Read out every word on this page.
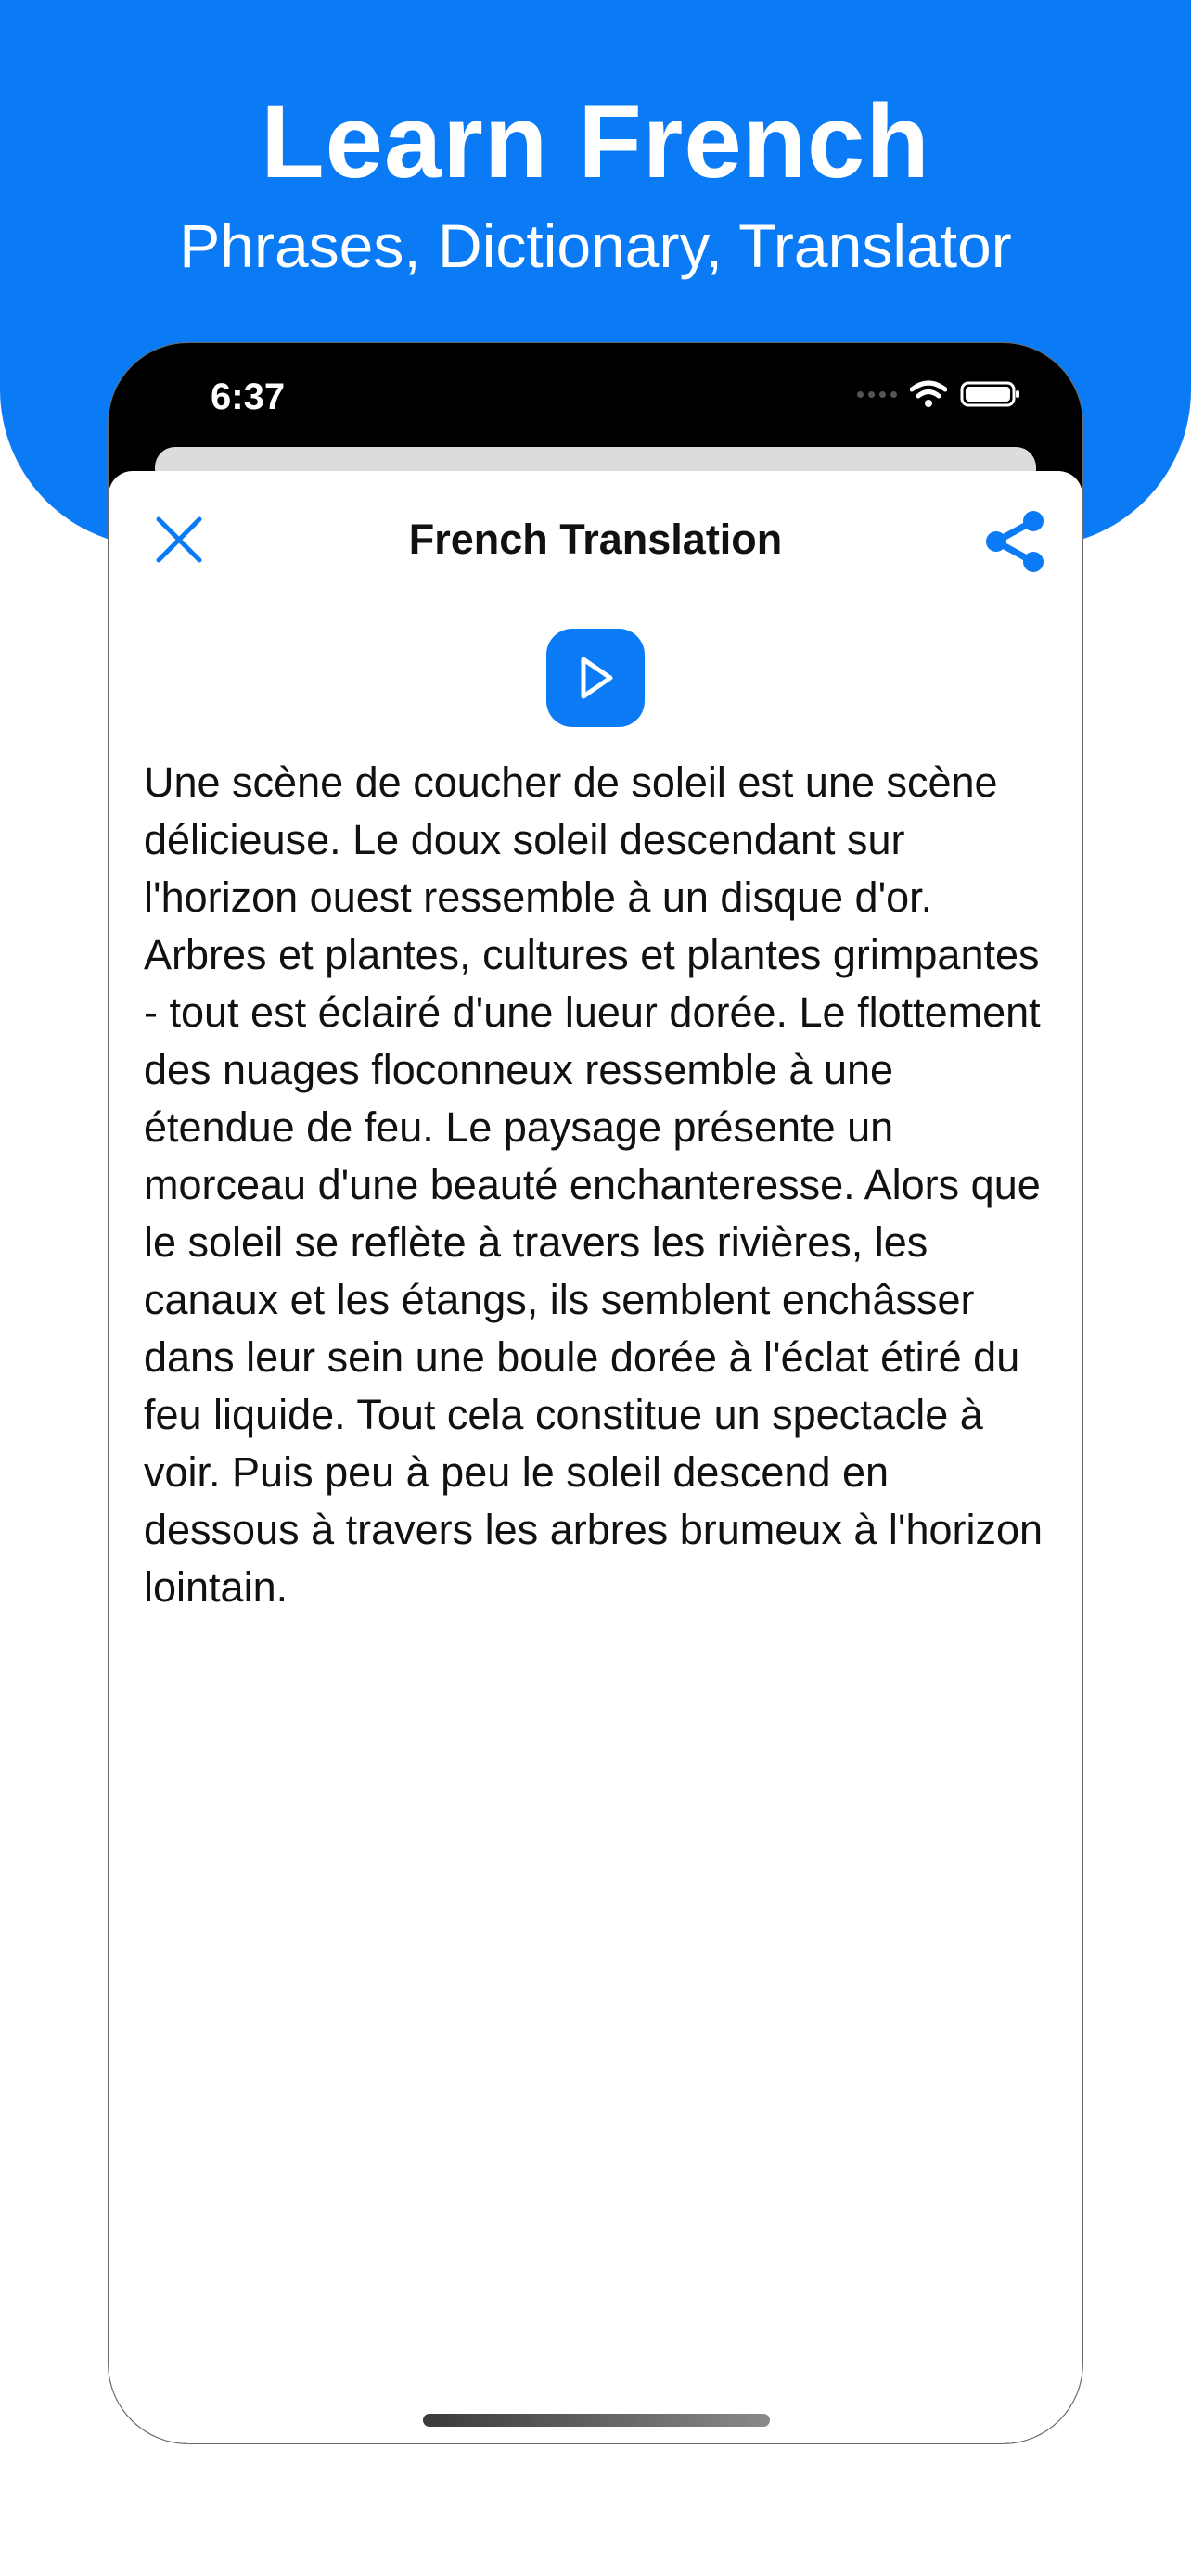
Learn French
Phrases, Dictionary, Translator
6:37
French Translation

Une scène de coucher de soleil est une scène délicieuse. Le doux soleil descendant sur l'horizon ouest ressemble à un disque d'or. Arbres et plantes, cultures et plantes grimpantes - tout est éclairé d'une lueur dorée. Le flottement des nuages floconneux ressemble à une étendue de feu. Le paysage présente un morceau d'une beauté enchanteresse. Alors que le soleil se reflète à travers les rivières, les canaux et les étangs, ils semblent enchâsser dans leur sein une boule dorée à l'éclat étiré du feu liquide. Tout cela constitue un spectacle à voir. Puis peu à peu le soleil descend en dessous à travers les arbres brumeux à l'horizon lointain.
